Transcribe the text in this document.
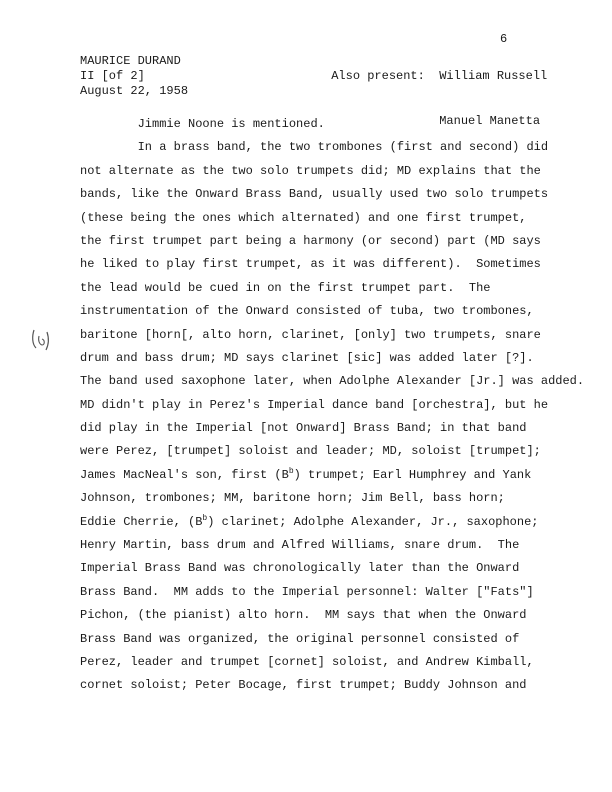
6
MAURICE DURAND
II [of 2]
August 22, 1958

Also present: William Russell

Manuel Manetta

Jimmie Noone is mentioned.
In a brass band, the two trombones (first and second) did
not alternate as the two solo trumpets did; MD explains that the
bands, like the Onward Brass Band, usually used two solo trumpets
(these being the ones which alternated) and one first trumpet,
the first trumpet part being a harmony (or second) part (MD says
he liked to play first trumpet, as it was different).  Sometimes
the lead would be cued in on the first trumpet part.  The
instrumentation of the Onward consisted of tuba, two trombones,
baritone [horn[, alto horn, clarinet, [only] two trumpets, snare
drum and bass drum; MD says clarinet [sic] was added later [?].
The band used saxophone later, when Adolphe Alexander [Jr.] was added.
MD didn't play in Perez's Imperial dance band [orchestra], but he
did play in the Imperial [not Onward] Brass Band; in that band
were Perez, [trumpet] soloist and leader; MD, soloist [trumpet];
James MacNeal's son, first $(B^b)$ trumpet; Earl Humphrey and Yank
Johnson, trombones; MM, baritone horn; Jim Bell, bass horn;
Eddie Cherrie, $(B^b)$ clarinet; Adolphe Alexander, Jr., saxophone;
Henry Martin, bass drum and Alfred Williams, snare drum.  The
Imperial Brass Band was chronologically later than the Onward
Brass Band.  MM adds to the Imperial personnel: Walter ["Fats"]
Pichon, (the pianist) alto horn.  MM says that when the Onward
Brass Band was organized, the original personnel consisted of
Perez, leader and trumpet [cornet] soloist, and Andrew Kimball,
cornet soloist; Peter Bocage, first trumpet; Buddy Johnson and
